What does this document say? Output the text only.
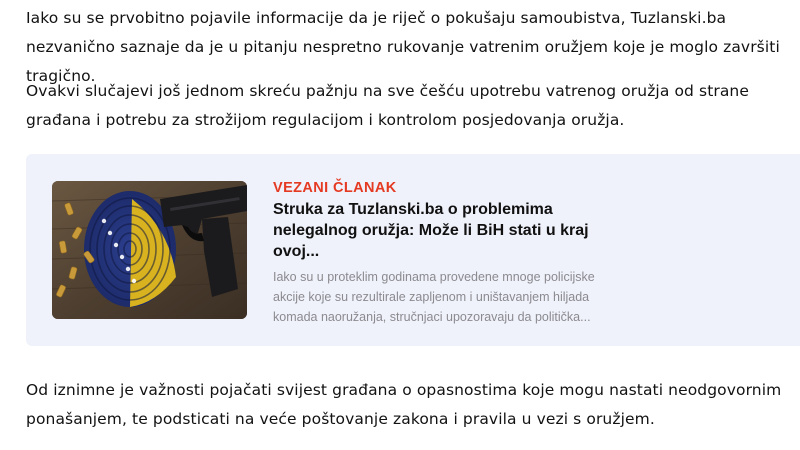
Iako su se prvobitno pojavile informacije da je riječ o pokušaju samoubistva, Tuzlanski.ba nezvanično saznaje da je u pitanju nespretno rukovanje vatrenim oružjem koje je moglo završiti tragično.

Ovakvi slučajevi još jednom skreću pažnju na sve češću upotrebu vatrenog oružja od strane građana i potrebu za strožijom regulacijom i kontrolom posjedovanja oružja.

VEZANI ČLANAK
Struka za Tuzlanski.ba o problemima nelegalnog oružja: Može li BiH stati u kraj ovoj...
Iako su u proteklim godinama provedene mnoge policijske akcije koje su rezultirale zapljenom i uništavanjem hiljada komada naoružanja, stručnjaci upozoravaju da politička...

Od iznimne je važnosti pojačati svijest građana o opasnostima koje mogu nastati neodgovornim ponašanjem, te podsticati na veće poštovanje zakona i pravila u vezi s oružjem.
